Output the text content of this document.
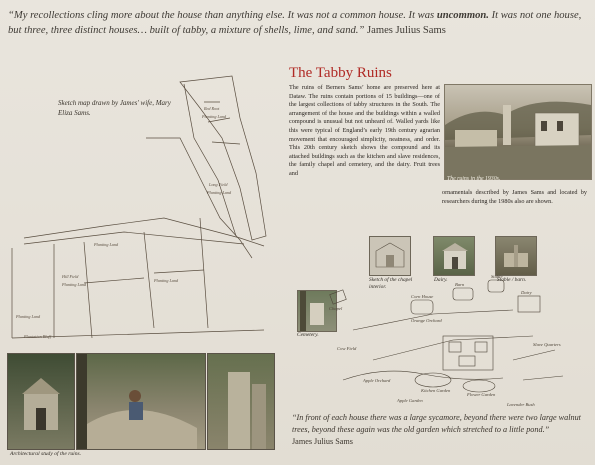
“My recollections cling more about the house than anything else. It was not a common house. It was uncommon. It was not one house, but three, three distinct houses… built of tabby, a mixture of shells, lime, and sand.” James Julius Sams
Red Root
Planting Land
Long Field
Planting Land
Planting Land
Hill Field
Planting Land
Planting Land
Planting Land
Plantation Bluff
Sketch map drawn by James' wife, Mary Eliza Sams.
The Tabby Ruins
The ruins of Berners Sams’ home are preserved here at Dataw. The ruins contain portions of 15 buildings—one of the largest collections of tabby structures in the South. The arrangement of the house and the buildings within a walled compound is unusual but not unheard of. Walled yards like this were typical of England’s early 19th century agrarian movement that encouraged simplicity, neatness, and order. This 20th century sketch shows the compound and its attached buildings such as the kitchen and slave residences, the family chapel and cemetery, and the dairy. Fruit trees and
The ruins in the 1930s.
ornamentals described by James Sams and located by researchers during the 1980s also are shown.
Sketch of the chapel interior.
Dairy.	Stable / barn.
Cemetery.
Chapel
Stable
Barn
Dairy
Orange Orchard
Corn House
Cow Field
Apple Orchard
Kitchen Garden
Flower Garden
Apple Garden
Slave Quarters
Lavender Bush
Architectural study of the ruins.
“In front of each house there was a large sycamore, beyond there were two large walnut trees, beyond these again was the old garden which stretched to a little pond.”
James Julius Sams
